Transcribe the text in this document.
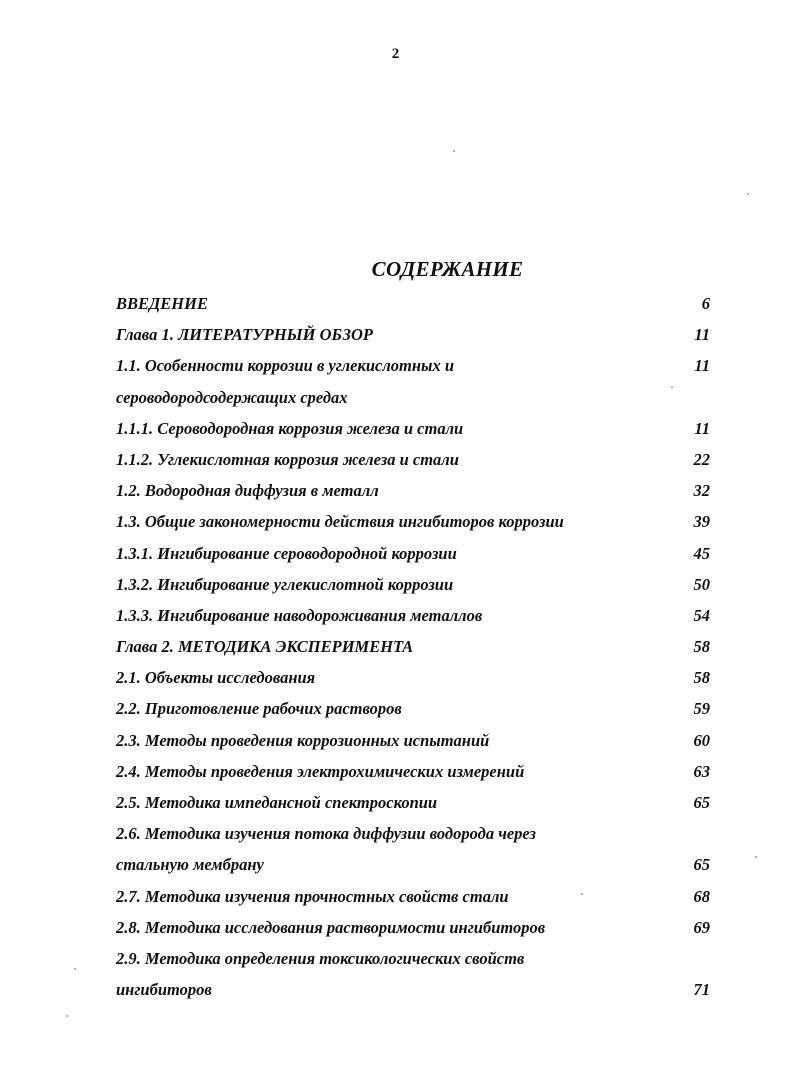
2
СОДЕРЖАНИЕ
ВВЕДЕНИЕ	6
Глава 1. ЛИТЕРАТУРНЫЙ ОБЗОР	11
1.1. Особенности коррозии в углекислотных и	11
сероводородсодержащих средах
1.1.1. Сероводородная коррозия железа и стали	11
1.1.2. Углекислотная коррозия железа и стали	22
1.2. Водородная диффузия в металл	32
1.3. Общие закономерности действия ингибиторов коррозии	39
1.3.1. Ингибирование сероводородной коррозии	45
1.3.2. Ингибирование углекислотной коррозии	50
1.3.3. Ингибирование наводороживания металлов	54
Глава 2. МЕТОДИКА ЭКСПЕРИМЕНТА	58
2.1. Объекты исследования	58
2.2. Приготовление рабочих растворов	59
2.3. Методы проведения коррозионных испытаний	60
2.4. Методы проведения электрохимических измерений	63
2.5. Методика импедансной спектроскопии	65
2.6. Методика изучения потока диффузии водорода через
стальную мембрану	65
2.7. Методика изучения прочностных свойств стали	68
2.8. Методика исследования растворимости ингибиторов	69
2.9. Методика определения токсикологических свойств
ингибиторов	71
